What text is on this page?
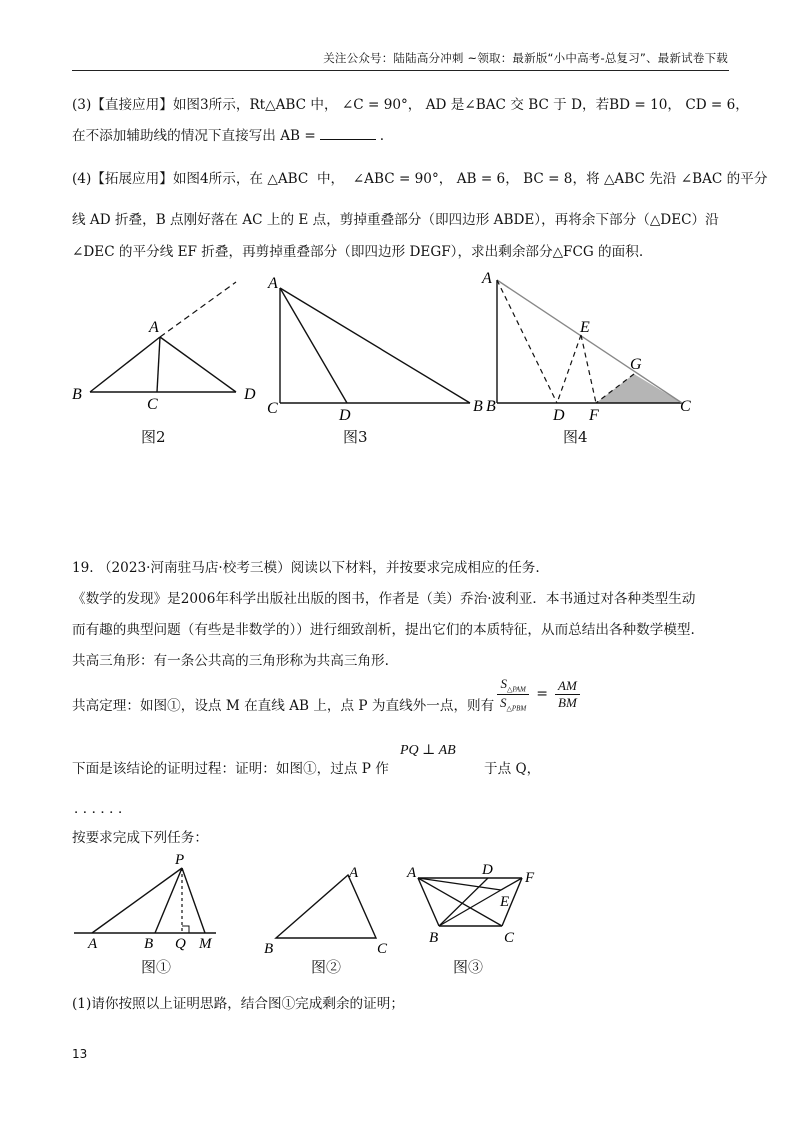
关注公众号：陆陆高分冲刺 ~领取：最新版“小中高考-总复习”、最新试卷下载
(3)【直接应用】如图3所示，Rt△ABC 中， ∠C = 90°， AD 是∠BAC 交 BC 于 D，若BD = 10， CD = 6，
在不添加辅助线的情况下直接写出 AB =	.
(4)【拓展应用】如图4所示，在 △ABC 中， ∠ABC = 90°， AB = 6， BC = 8，将 △ABC 先沿 ∠BAC 的平分
线 AD 折叠，B 点刚好落在 AC 上的 E 点，剪掉重叠部分（即四边形 ABDE），再将余下部分（△DEC）沿
∠DEC 的平分线 EF 折叠，再剪掉重叠部分（即四边形 DEGF），求出剩余部分△FCG 的面积.
A
B
C
D
A
C	D
B
A
B
D
E
F
G
C
图2	图3	图4
19. （2023·河南驻马店·校考三模）阅读以下材料，并按要求完成相应的任务.
《数学的发现》是2006年科学出版社出版的图书，作者是（美）乔治·波利亚．本书通过对各种类型生动
而有趣的典型问题（有些是非数学的））进行细致剖析，提出它们的本质特征，从而总结出各种数学模型.
共高三角形：有一条公共高的三角形称为共高三角形.
共高定理：如图①，设点 M 在直线 AB 上，点 P 为直线外一点，则有 $\frac{S_{\triangle PAM}}{S_{\triangle PBM}} = \frac{AM}{BM}$
下面是该结论的证明过程：证明：如图①，过点 P 作
PQ ⊥ AB
于点 Q，
．．．．．．
按要求完成下列任务：
P
A	B Q M
A
B	C
A	D F
E
B	C
图①	图②	图③
(1)请你按照以上证明思路，结合图①完成剩余的证明；
13
